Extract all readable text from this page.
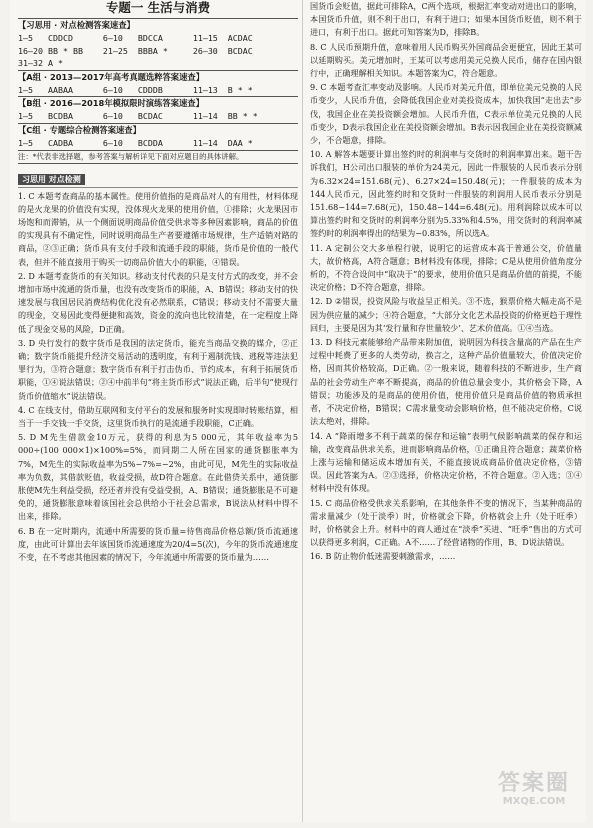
专题一 生活与消费
【习思用 · 对点检测答案速查】
1—5   CDDCD      6—10   BDCCA      11—15  ACDAC
16—20 BB * BB    21—25  BBBA *     26—30  BCDAC
31—32 A *
【A组 · 2013—2017年高考真题选粹答案速查】
1—5   AABAA      6—10   CDDDB      11—13  B * *
【B组 · 2016—2018年模拟限时演练答案速查】
1—5   BCDBA      6—10   BCDAC      11—14  BB * *
【C组 · 专题综合检测答案速查】
1—5   CADBA      6—10   BCDDA      11—14  DAA *
注：*代表非选择题，参考答案与解析详见下面对应题目的具体讲解。
习思用 对点检测

1. C 本题考查商品的基本属性。使用价值指的是商品对人的有用性，材料体现的是火龙果的价值没有实现，没体现火龙果的使用价值，①排除；火龙果因市场饱和而滞销，从一个侧面说明商品价值受供求等多种因素影响，商品的价值的实现具有不确定性，同时说明商品生产者要遵循市场规律，生产适销对路的商品，②③正确；货币具有支付手段和流通手段的职能，货币是价值的一般代表，但并不能直接用于购买一切商品价值大小的职能，④错误。

2. D 本题考查货币的有关知识。移动支付代表的只是支付方式的改变，并不会增加市场中流通的货币量，也没有改变货币的职能，A、B错误；移动支付的快速发展与我国居民消费结构优化没有必然联系，C错误；移动支付不需要大量的现金，交易因此变得便捷和高效，资金的流向也比较清楚，在一定程度上降低了现金交易的风险，D正确。

3. D 央行发行的数字货币是我国的法定货币，能充当商品交换的媒介，②正确；数字货币能提升经济交易活动的透明度，有利于遏制洗钱、逃税等违法犯罪行为，③符合题意；数字货币有利于打击伪币、节约成本，有利于拓展货币职能，①④说法错误；②④中前半句“将主货币形式”说法正确，后半句“使现行货币价值缩水”说法错误。

4. C 在线支付，借助互联网和支付平台的发展和服务时实现即时转账结算，相当于一手交钱一手交货，这里货币执行的是流通手段职能，C正确。

5. D M先生借款金10万元，获得的利息为5 000元，其年收益率为5 000÷(100 000×1)×100%=5%，而同期二人所在国家的通货膨胀率为7%，M先生的实际收益率为5%−7%=−2%，由此可见，M先生的实际收益率为负数，其借款贬值，收益受损，故D符合题意。在此借贷关系中，通货膨胀使M先生利益受损，经还者并没有受益受损，A、B错误；通货膨胀是不可避免的，通货膨胀意味着该国社会总供给小于社会总需求，B说法从材料中得不出来，排除。

6. B 在一定时期内，流通中所需要的货币量=待售商品价格总额/货币流通速度，由此可计算出去年该国货币流通速度为20/4=5(次)，今年的货币流通速度不变，在不考虑其他因素的情况下，今年流通中所需要的货币量为……

国货币会贬值，据此可排除A，C两个选项，根据汇率变动对进出口的影响，本国货币升值，则不利于出口，有利于进口；如果本国货币贬值，则不利于进口，有利于出口。据此可知答案为D，排除B。

8. C 人民币预期升值，意味着用人民币购买外国商品会更便宜，因此王某可以延期购买。美元增加时，王某可以考虑用美元兑换人民币，储存在国内银行中，正确理解相关知识。本题答案为C，符合题意。

9. C 本题考查汇率变动及影响。人民币对美元升值，即单位美元兑换的人民币变少，人民币升值，会降低我国企业对美投资成本，加快我国“走出去”步伐，我国企业在美投资额会增加。人民币升值，C表示单位美元兑换的人民币变少，D表示我国企业在美投资额会增加。B表示因我国企业在美投资额减少，不合题意，排除。

10. A 解答本题要计算出签约时的利润率与交货时的利润率算出来。题干告诉我们，H公司出口服装的单价为24美元，因此一件服装的人民币表示分别为6.32×24=151.68(元)、6.27×24=150.48(元)；一件服装的成本为144人民币元，因此签约时和交货时一件服装的利润用人民币表示分别是151.68−144=7.68(元)，150.48−144=6.48(元)。用利润除以成本可以算出签约时和交货时的利润率分别为5.33%和4.5%，用交货时的利润率减签约时的利润率得出的结果为−0.83%，所以选A。

11. A 定制公交大多单程行驶，说明它的运营成本高于普通公交，价值量大，故价格高，A符合题意；B材料没有体现，排除；C是从使用价值角度分析的，不符合设问中“取决于”的要求，使用价值只是商品价值的前提，不能决定价格；D不符合题意，排除。

12. D ②错误，投资风险与收益呈正相关。③不选，猴票价格大幅走高不是因为供应量的减少；④符合题意，“大部分文化艺术品投资的价格更趋于理性回归，主要是因为其‘发行量和存世量较少’、艺术价值高。①④当选。

13. D 科技元素能够给产品带来附加值，说明因为科技含量高的产品在生产过程中耗费了更多的人类劳动，换言之，这种产品价值量较大，价值决定价格，因而其价格较高，D正确。②一般来说，随着科技的不断进步，生产商品的社会劳动生产率不断提高，商品的价值总量会变小，其价格会下降，A错误；功能涉及的是商品的使用价值，使用价值只是商品价值的物质承担者，不决定价格，B错误；C需求量变动会影响价格，但不能决定价格，C说法太绝对，排除。

14. A “降雨增多不利于蔬菜的保存和运输”表明气候影响蔬菜的保存和运输，改变商品供求关系，进而影响商品价格，①正确且符合题意；蔬菜价格上涨与运输和储运成本增加有关，不能直接说成商品价值决定价格，③错误。因此答案为A。②③选择，价格决定价格，不符合题意。②入选；③④材料中没有体现。

15. C 商品价格受供求关系影响，在其他条件不变的情况下，当某种商品的需求量减少（处于淡季）时，价格就会下降，价格就会上升（处于旺季）时，价格就会上升。材料中的商人通过在“淡季”买进、“旺季”售出的方式可以获得更多利润，C正确。A不……了经营诸物的作用，B、D说法错误。

16. B 防止物价低迷需要刺激需求，……

答案圈
MXQE.COM
